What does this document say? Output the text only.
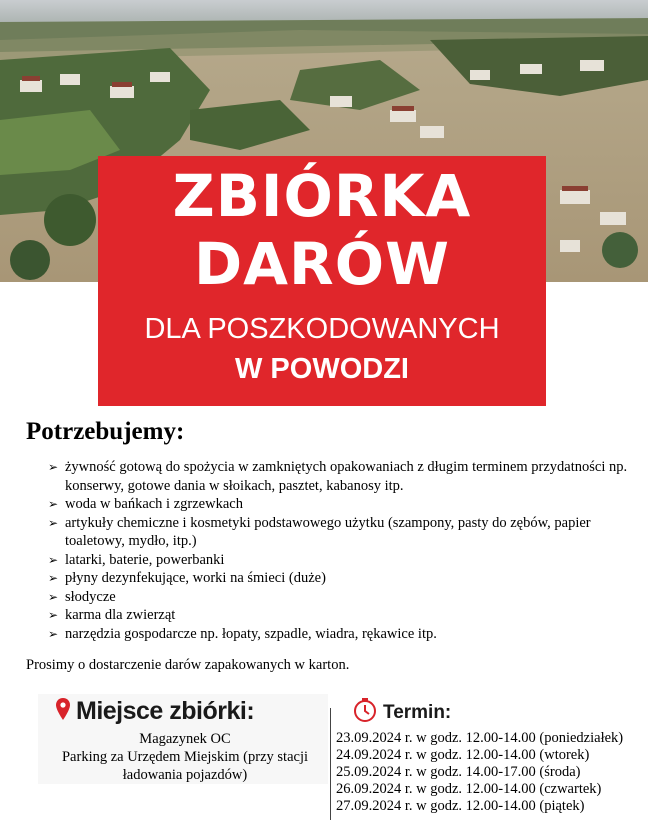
ZBIÓRKA
DARÓW
DLA POSZKODOWANYCH
W POWODZI
Potrzebujemy:
➢ żywność gotową do spożycia w zamkniętych opakowaniach z długim terminem przydatności np. konserwy, gotowe dania w słoikach, pasztet, kabanosy itp.
➢ woda w bańkach i zgrzewkach
➢ artykuły chemiczne i kosmetyki podstawowego użytku (szampony, pasty do zębów, papier toaletowy, mydło, itp.)
➢ latarki, baterie, powerbanki
➢ płyny dezynfekujące, worki na śmieci (duże)
➢ słodycze
➢ karma dla zwierząt
➢ narzędzia gospodarcze np. łopaty, szpadle, wiadra, rękawice itp.
Prosimy o dostarczenie darów zapakowanych w karton.
Miejsce zbiórki:
Magazynek OC
Parking za Urzędem Miejskim (przy stacji
ładowania pojazdów)
Termin:
23.09.2024 r. w godz. 12.00-14.00 (poniedziałek)
24.09.2024 r. w godz. 12.00-14.00 (wtorek)
25.09.2024 r. w godz. 14.00-17.00 (środa)
26.09.2024 r. w godz. 12.00-14.00 (czwartek)
27.09.2024 r. w godz. 12.00-14.00 (piątek)
